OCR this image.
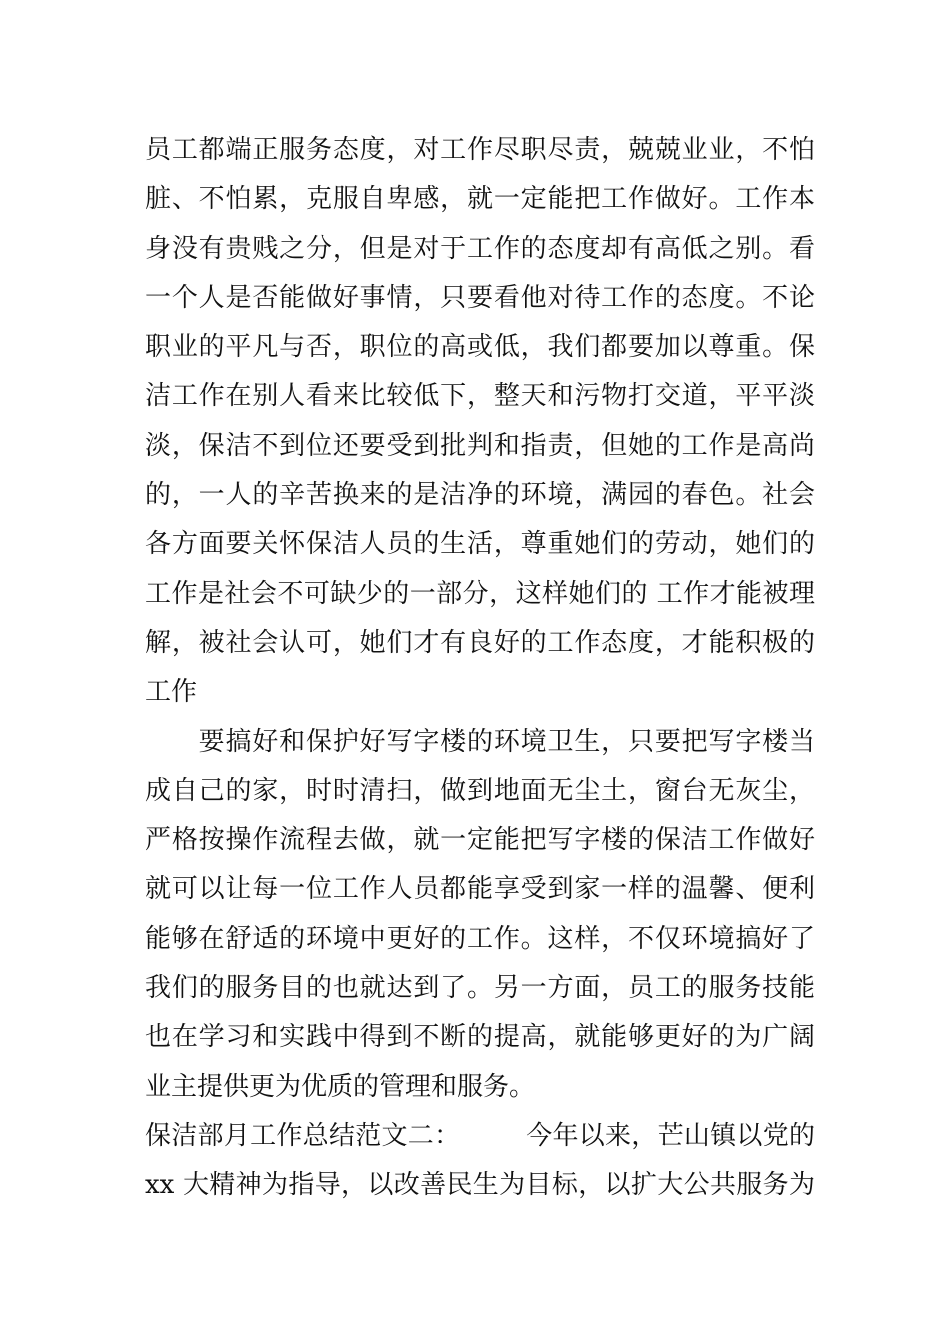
员工都端正服务态度，对工作尽职尽责，兢兢业业，不怕
脏、不怕累，克服自卑感，就一定能把工作做好。工作本
身没有贵贱之分，但是对于工作的态度却有高低之别。看
一个人是否能做好事情，只要看他对待工作的态度。不论
职业的平凡与否，职位的高或低，我们都要加以尊重。保
洁工作在别人看来比较低下，整天和污物打交道，平平淡
淡，保洁不到位还要受到批判和指责，但她的工作是高尚
的，一人的辛苦换来的是洁净的环境，满园的春色。社会
各方面要关怀保洁人员的生活，尊重她们的劳动，她们的
工作是社会不可缺少的一部分，这样她们的 工作才能被理
解，被社会认可，她们才有良好的工作态度，才能积极的
工作
　　要搞好和保护好写字楼的环境卫生，只要把写字楼当
成自己的家，时时清扫，做到地面无尘土，窗台无灰尘，
严格按操作流程去做，就一定能把写字楼的保洁工作做好
就可以让每一位工作人员都能享受到家一样的温馨、便利
能够在舒适的环境中更好的工作。这样，不仅环境搞好了
我们的服务目的也就达到了。另一方面，员工的服务技能
也在学习和实践中得到不断的提高，就能够更好的为广阔
业主提供更为优质的管理和服务。
保洁部月工作总结范文二：　　　今年以来，芒山镇以党的
xx 大精神为指导，以改善民生为目标，以扩大公共服务为
